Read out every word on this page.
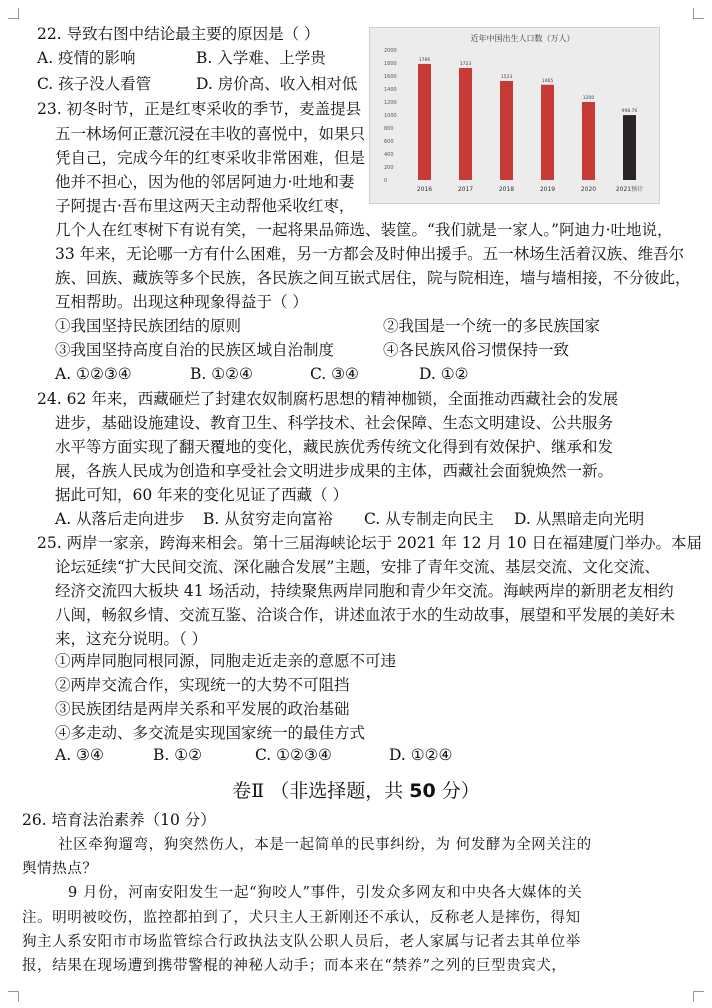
22. 导致右图中结论最主要的原因是（ ）
A. 疫情的影响	B. 入学难、上学贵
C. 孩子没人看管	D. 房价高、收入相对低
近年中国出生人口数（万人）
0
200
400
600
800
1000
1200
1400
1600
1800
2000
1786
2016
1723
2017
1523
2018
1465
2019
1200
2020
998.76
2021预计
23. 初冬时节，正是红枣采收的季节，麦盖提县
五一林场何正薏沉浸在丰收的喜悦中，如果只
凭自己，完成今年的红枣采收非常困难，但是
他并不担心，因为他的邻居阿迪力·吐地和妻
子阿提古·吾布里这两天主动帮他采收红枣，
几个人在红枣树下有说有笑，一起将果品筛选、装筐。“我们就是一家人。”阿迪力·吐地说，
33 年来，无论哪一方有什么困难，另一方都会及时伸出援手。五一林场生活着汉族、维吾尔
族、回族、藏族等多个民族，各民族之间互嵌式居住，院与院相连，墙与墙相接，不分彼此，
互相帮助。出现这种现象得益于（ ）
①我国坚持民族团结的原则	②我国是一个统一的多民族国家
③我国坚持高度自治的民族区域自治制度	④各民族风俗习惯保持一致
A. ①②③④	B. ①②④	C. ③④	D. ①②
24. 62 年来，西藏砸烂了封建农奴制腐朽思想的精神枷锁，全面推动西藏社会的发展
进步，基础设施建设、教育卫生、科学技术、社会保障、生态文明建设、公共服务
水平等方面实现了翻天覆地的变化，藏民族优秀传统文化得到有效保护、继承和发
展，各族人民成为创造和享受社会文明进步成果的主体，西藏社会面貌焕然一新。
据此可知，60 年来的变化见证了西藏（ ）
A. 从落后走向进步 B. 从贫穷走向富裕 C. 从专制走向民主 D. 从黑暗走向光明
25. 两岸一家亲，跨海来相会。第十三届海峡论坛于 2021 年 12 月 10 日在福建厦门举办。本届
论坛延续“扩大民间交流、深化融合发展”主题，安排了青年交流、基层交流、文化交流、
经济交流四大板块 41 场活动，持续聚焦两岸同胞和青少年交流。海峡两岸的新朋老友相约
八闽，畅叙乡情、交流互鉴、洽谈合作，讲述血浓于水的生动故事，展望和平发展的美好未
来，这充分说明。（ ）
①两岸同胞同根同源，同胞走近走亲的意愿不可违
②两岸交流合作，实现统一的大势不可阻挡
③民族团结是两岸关系和平发展的政治基础
④多走动、多交流是实现国家统一的最佳方式
A. ③④	B. ①②	C. ①②③④	D. ①②④
卷Ⅱ （非选择题，共 50 分）
26. 培育法治素养（10 分）
社区牵狗遛弯，狗突然伤人，本是一起简单的民事纠纷，为 何发酵为全网关注的
舆情热点？
9 月份，河南安阳发生一起“狗咬人”事件，引发众多网友和中央各大媒体的关
注。明明被咬伤，监控都拍到了，犬只主人王新刚还不承认，反称老人是摔伤，得知
狗主人系安阳市市场监管综合行政执法支队公职人员后，老人家属与记者去其单位举
报，结果在现场遭到携带警棍的神秘人动手；而本来在“禁养”之列的巨型贵宾犬，
